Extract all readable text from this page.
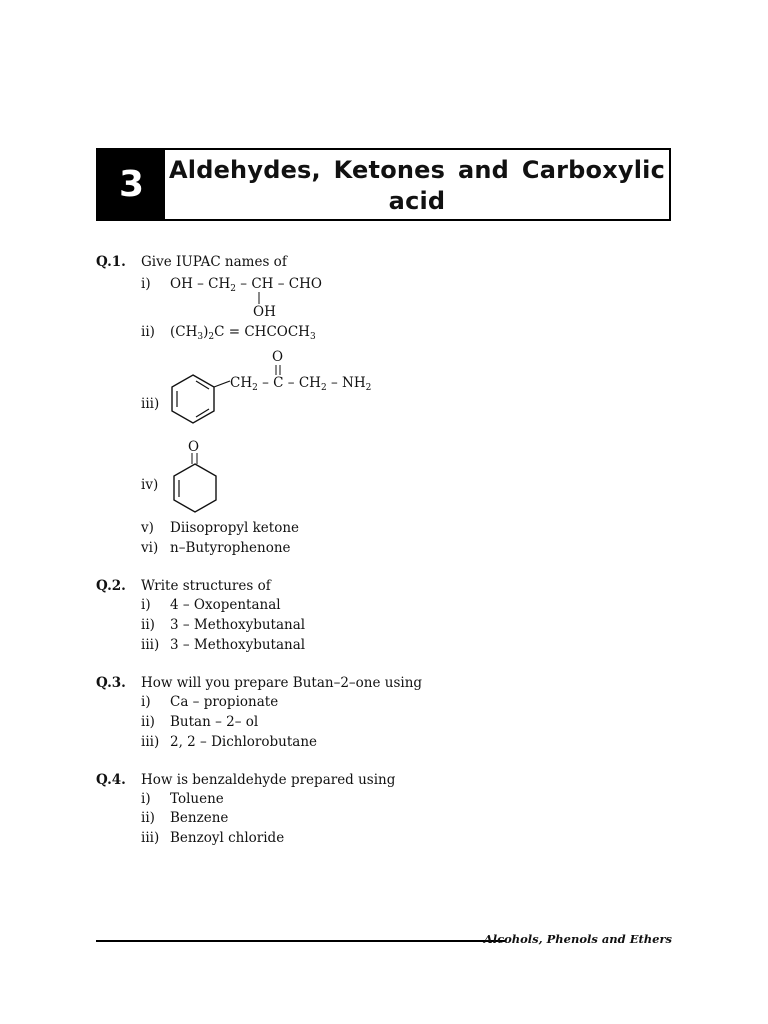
3	Aldehydes, Ketones and Carboxylic
acid
Q.1. Give IUPAC names of
i) OH – $CH_2$ – CH – CHO
OH
ii) $(CH_3)_2C$ = $CHCOCH_3$
iii)
O
$CH_2$ – C – $CH_2 - NH_2$
iv)
O
v) Diisopropyl ketone
vi) n–Butyrophenone
Q.2. Write structures of
i) 4 – Oxopentanal
ii) 3 – Methoxybutanal
iii) 3 – Methoxybutanal
Q.3. How will you prepare Butan–2–one using
i) Ca – propionate
ii) Butan – 2– ol
iii) 2, 2 – Dichlorobutane
Q.4. How is benzaldehyde prepared using
i) Toluene
ii) Benzene
iii) Benzoyl chloride
Alcohols, Phenols and Ethers
